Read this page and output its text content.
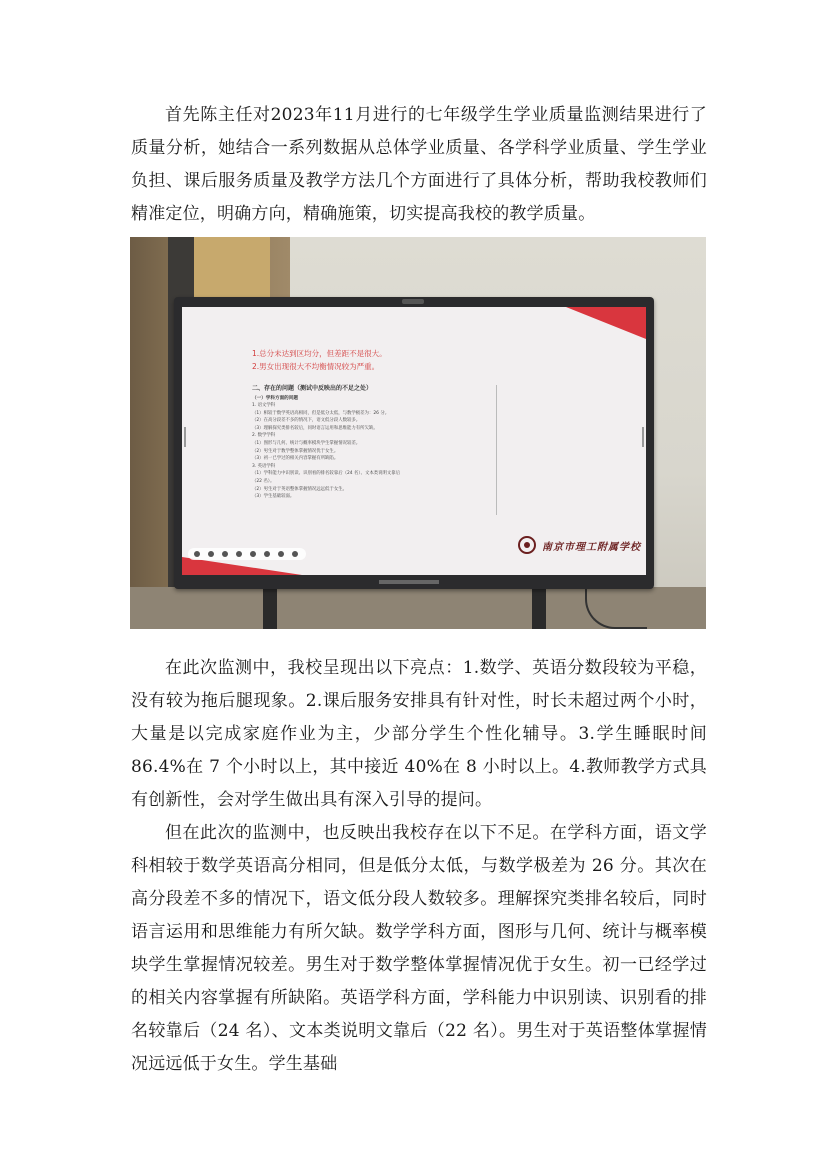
首先陈主任对2023年11月进行的七年级学生学业质量监测结果进行了质量分析，她结合一系列数据从总体学业质量、各学科学业质量、学生学业负担、课后服务质量及教学方法几个方面进行了具体分析，帮助我校教师们精准定位，明确方向，精确施策，切实提高我校的教学质量。

1.总分未达到区均分，但差距不是很大。

2.男女出现很大不均衡情况较为严重。

二、存在的问题（测试中反映出的不足之处）

（一）学科方面的问题

1. 语文学科

（1）相较于数学英语高相同，但是低分太低，与数学极差为：26 分。

（2）在高分段差不多的情况下，语文低分段人数较多。

（3）理解探究类排名较后，同时语言运用和思维能力有所欠缺。

2. 数学学科

（1）图形与几何、统计与概率模块学生掌握情况较差。

（2）男生对于数学整体掌握情况优于女生。

（3）初一已学过的相关内容掌握有所缺陷。

3. 英语学科

（1）学科能力中识别读、识别看的排名较靠后（24 名）、文本类说明文靠后

（22 名）。

（2）男生对于英语整体掌握情况远远低于女生。

（3）学生基础较弱。

南京市理工附属学校

在此次监测中，我校呈现出以下亮点：1.数学、英语分数段较为平稳，没有较为拖后腿现象。2.课后服务安排具有针对性，时长未超过两个小时，大量是以完成家庭作业为主，少部分学生个性化辅导。3.学生睡眠时间 86.4%在 7 个小时以上，其中接近 40%在 8 小时以上。4.教师教学方式具有创新性，会对学生做出具有深入引导的提问。

但在此次的监测中，也反映出我校存在以下不足。在学科方面，语文学科相较于数学英语高分相同，但是低分太低，与数学极差为 26 分。其次在高分段差不多的情况下，语文低分段人数较多。理解探究类排名较后，同时语言运用和思维能力有所欠缺。数学学科方面，图形与几何、统计与概率模块学生掌握情况较差。男生对于数学整体掌握情况优于女生。初一已经学过的相关内容掌握有所缺陷。英语学科方面，学科能力中识别读、识别看的排名较靠后（24 名）、文本类说明文靠后（22 名）。男生对于英语整体掌握情况远远低于女生。学生基础
